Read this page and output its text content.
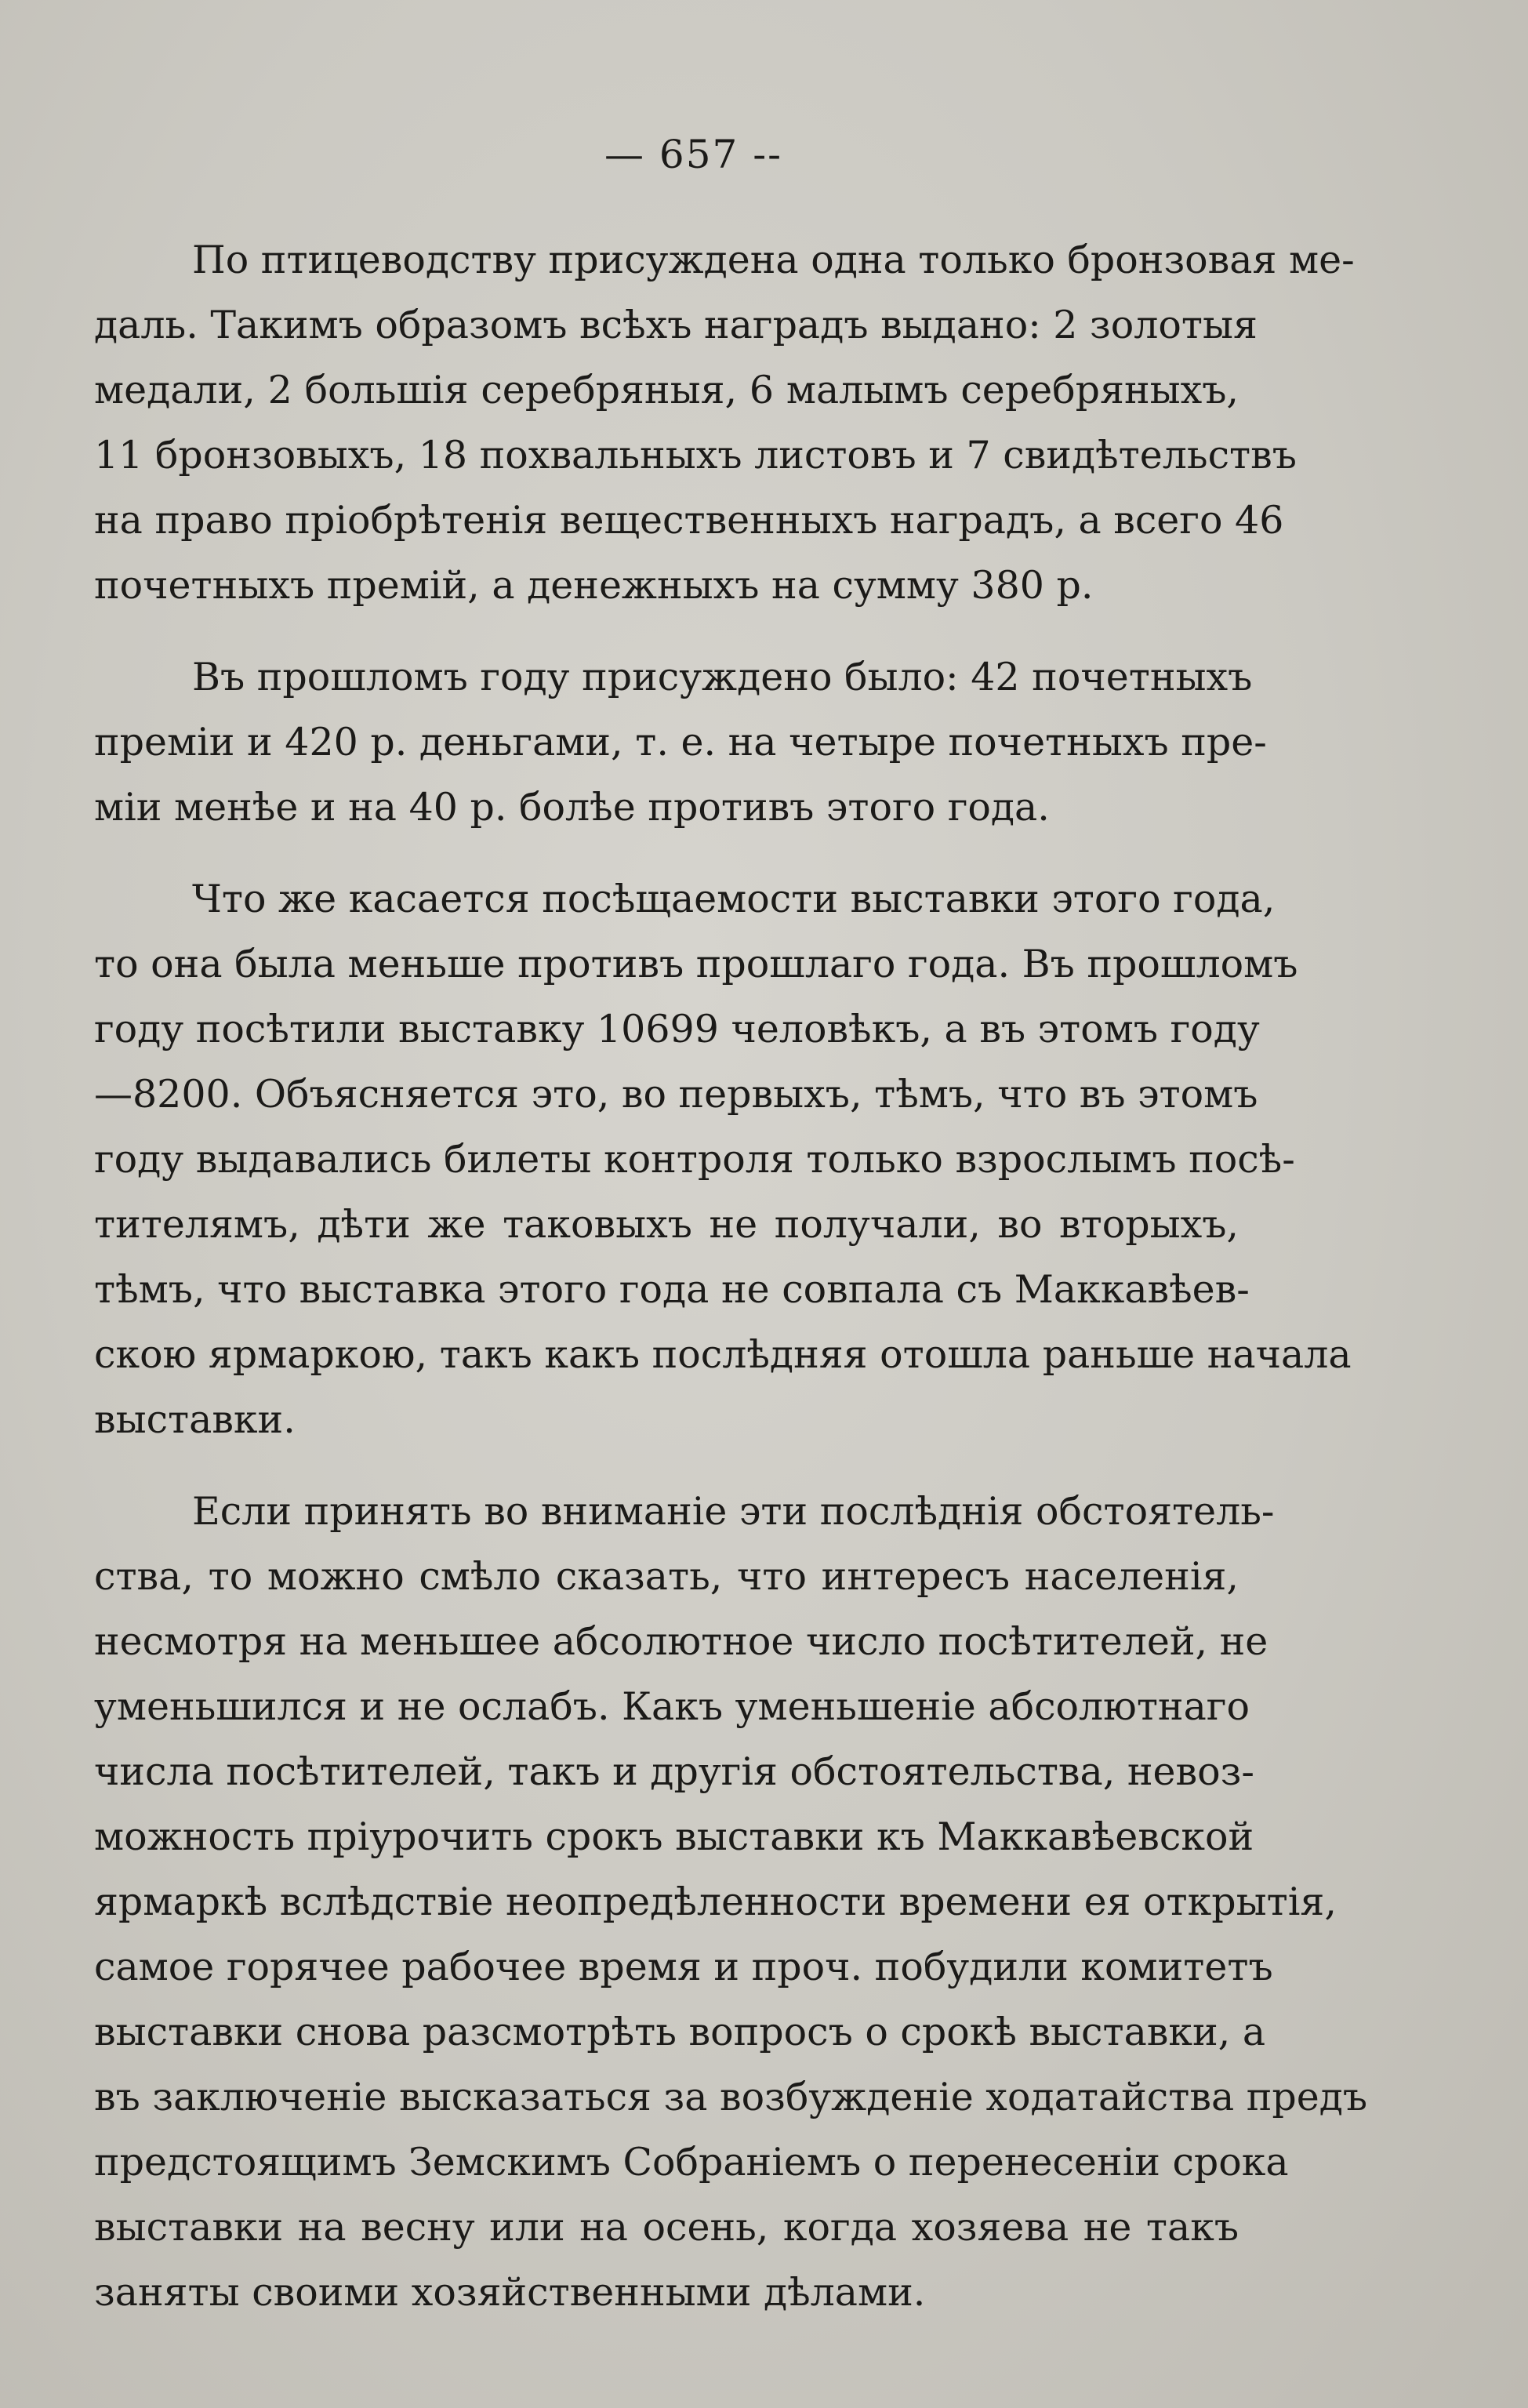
— 657 --
По птицеводству присуждена одна только бронзовая ме-
даль. Такимъ образомъ всѣхъ наградъ выдано: 2 золотыя
медали, 2 большія серебряныя, 6 малымъ серебряныхъ,
11 бронзовыхъ, 18 похвальныхъ листовъ и 7 свидѣтельствъ
на право пріобрѣтенія вещественныхъ наградъ, а всего 46
почетныхъ премій, а денежныхъ на сумму 380 р.
Въ прошломъ году присуждено было: 42 почетныхъ
преміи и 420 р. деньгами, т. е. на четыре почетныхъ пре-
міи менѣе и на 40 р. болѣе противъ этого года.
Что же касается посѣщаемости выставки этого года,
то она была меньше противъ прошлаго года. Въ прошломъ
году посѣтили выставку 10699 человѣкъ, а въ этомъ году
—8200. Объясняется это, во первыхъ, тѣмъ, что въ этомъ
году выдавались билеты контроля только взрослымъ посѣ-
тителямъ, дѣти же таковыхъ не получали, во вторыхъ,
тѣмъ, что выставка этого года не совпала съ Маккавѣев-
скою ярмаркою, такъ какъ послѣдняя отошла раньше начала
выставки.
Если принять во вниманіе эти послѣднія обстоятель-
ства, то можно смѣло сказать, что интересъ населенія,
несмотря на меньшее абсолютное число посѣтителей, не
уменьшился и не ослабъ. Какъ уменьшеніе абсолютнаго
числа посѣтителей, такъ и другія обстоятельства, невоз-
можность пріурочить срокъ выставки къ Маккавѣевской
ярмаркѣ вслѣдствіе неопредѣленности времени ея открытія,
самое горячее рабочее время и проч. побудили комитетъ
выставки снова разсмотрѣть вопросъ о срокѣ выставки, а
въ заключеніе высказаться за возбужденіе ходатайства предъ
предстоящимъ Земскимъ Собраніемъ о перенесеніи срока
выставки на весну или на осень, когда хозяева не такъ
заняты своими хозяйственными дѣлами.
